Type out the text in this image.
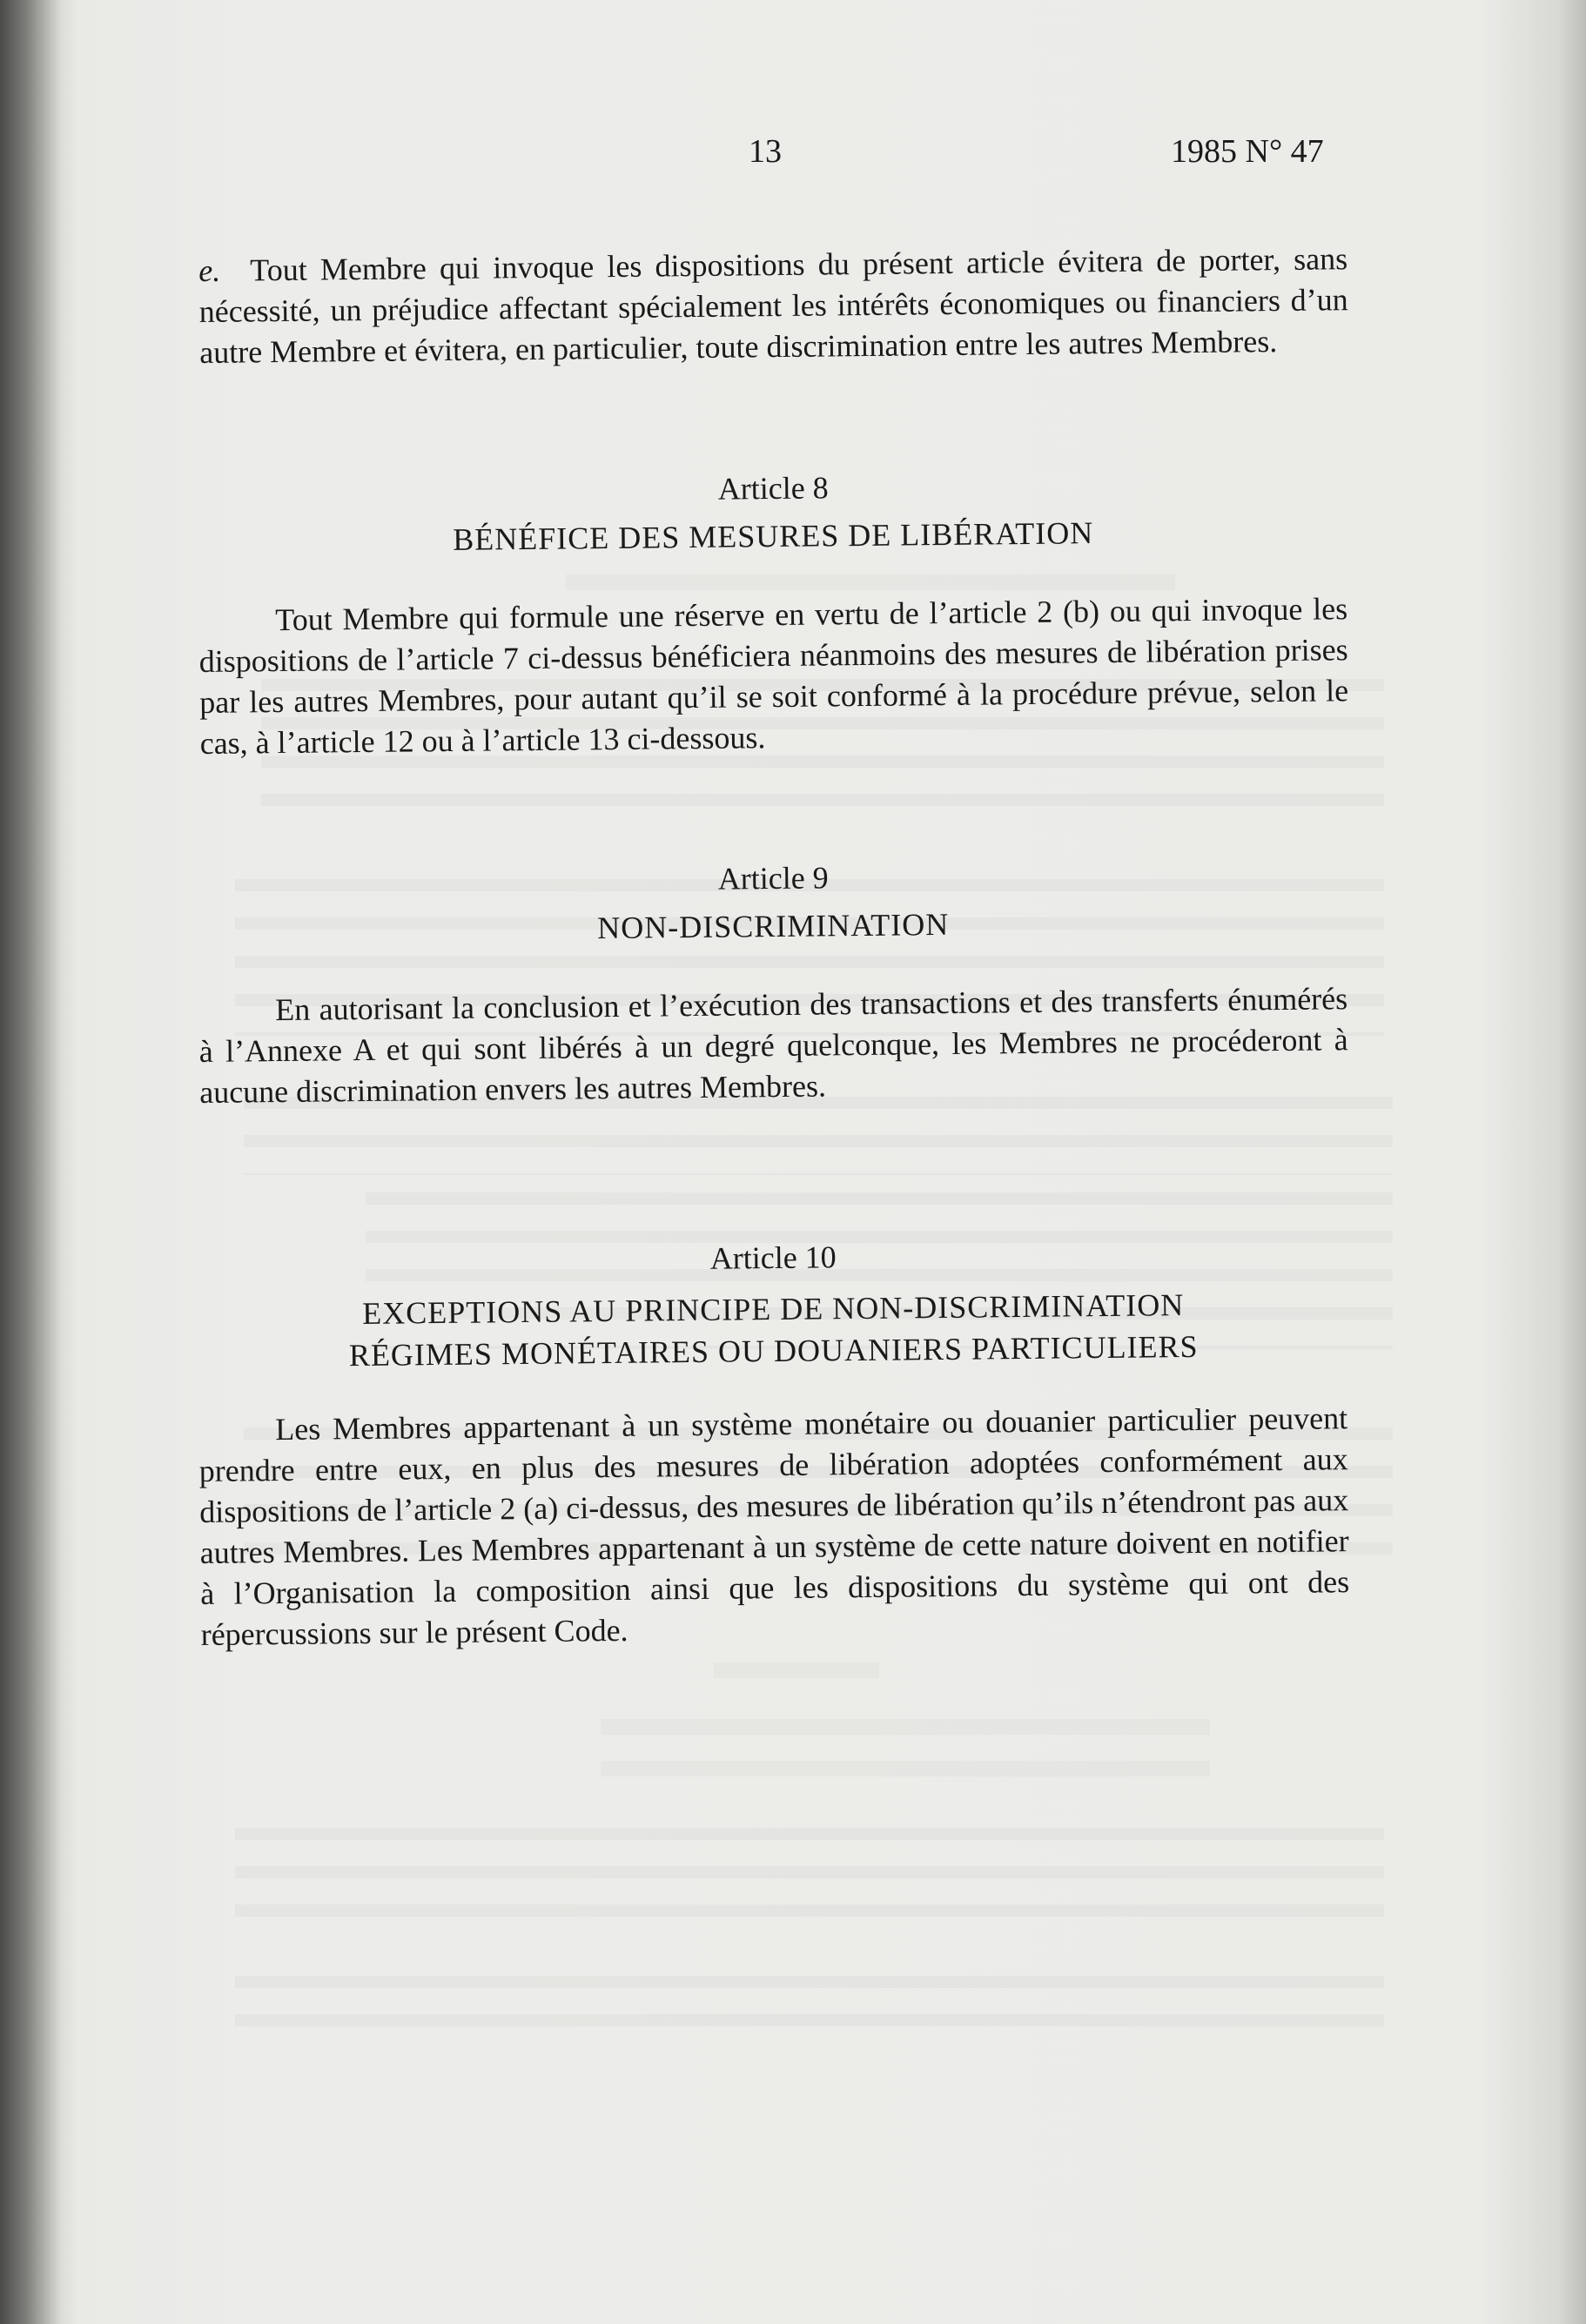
13	1985 N° 47

e. Tout Membre qui invoque les dispositions du présent article évitera de porter, sans nécessité, un préjudice affectant spécialement les intérêts économiques ou financiers d’un autre Membre et évitera, en particulier, toute discrimination entre les autres Membres.

Article 8
BÉNÉFICE DES MESURES DE LIBÉRATION

Tout Membre qui formule une réserve en vertu de l’article 2 (b) ou qui invoque les dispositions de l’article 7 ci-dessus bénéficiera néanmoins des mesures de libération prises par les autres Membres, pour autant qu’il se soit conformé à la procédure prévue, selon le cas, à l’article 12 ou à l’article 13 ci-dessous.

Article 9
NON-DISCRIMINATION

En autorisant la conclusion et l’exécution des transactions et des transferts énumérés à l’Annexe A et qui sont libérés à un degré quelconque, les Membres ne procéderont à aucune discrimination envers les autres Membres.

Article 10
EXCEPTIONS AU PRINCIPE DE NON-DISCRIMINATION
RÉGIMES MONÉTAIRES OU DOUANIERS PARTICULIERS

Les Membres appartenant à un système monétaire ou douanier particulier peuvent prendre entre eux, en plus des mesures de libération adoptées conformément aux dispositions de l’article 2 (a) ci-dessus, des mesures de libération qu’ils n’étendront pas aux autres Membres. Les Membres appartenant à un système de cette nature doivent en notifier à l’Organisation la composition ainsi que les dispositions du système qui ont des répercussions sur le présent Code.
